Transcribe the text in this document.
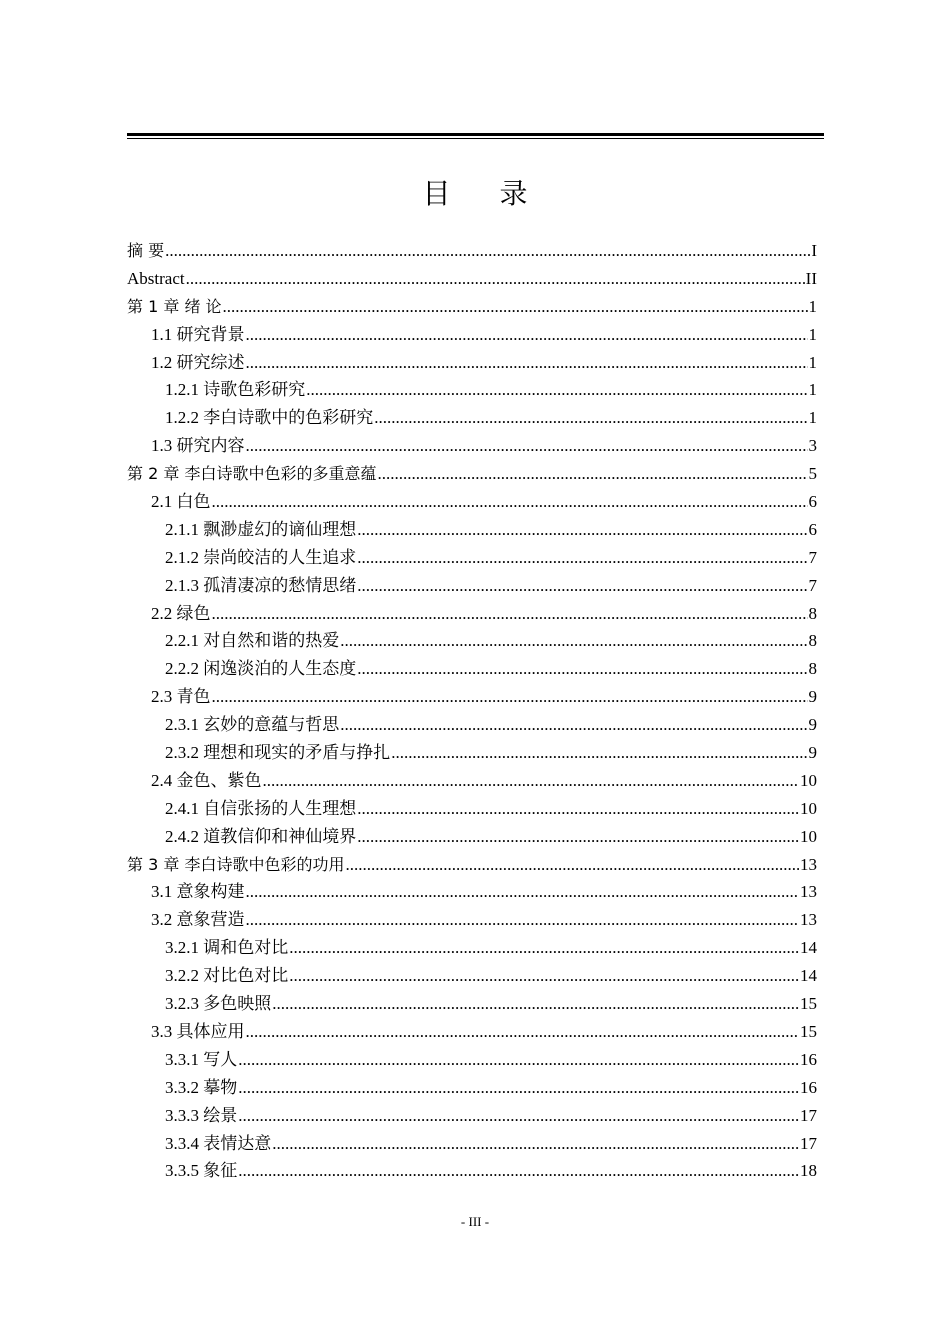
目 录
摘 要 .....	I
Abstract .....	II
第 1 章 绪 论 .....	1
1.1 研究背景 .....	1
1.2 研究综述 .....	1
1.2.1 诗歌色彩研究 .....	1
1.2.2 李白诗歌中的色彩研究 .....	1
1.3 研究内容 .....	3
第 2 章 李白诗歌中色彩的多重意蕴 .....	5
2.1 白色 .....	6
2.1.1 飘渺虚幻的谪仙理想 .....	6
2.1.2 崇尚皎洁的人生追求 .....	7
2.1.3 孤清凄凉的愁情思绪 .....	7
2.2 绿色 .....	8
2.2.1 对自然和谐的热爱 .....	8
2.2.2 闲逸淡泊的人生态度 .....	8
2.3 青色 .....	9
2.3.1 玄妙的意蕴与哲思 .....	9
2.3.2 理想和现实的矛盾与挣扎 .....	9
2.4 金色、紫色 .....	10
2.4.1 自信张扬的人生理想 .....	10
2.4.2 道教信仰和神仙境界 .....	10
第 3 章 李白诗歌中色彩的功用 .....	13
3.1 意象构建 .....	13
3.2 意象营造 .....	13
3.2.1 调和色对比 .....	14
3.2.2 对比色对比 .....	14
3.2.3 多色映照 .....	15
3.3 具体应用 .....	15
3.3.1 写人 .....	16
3.3.2 摹物 .....	16
3.3.3 绘景 .....	17
3.3.4 表情达意 .....	17
3.3.5 象征 .....	18
- III -
